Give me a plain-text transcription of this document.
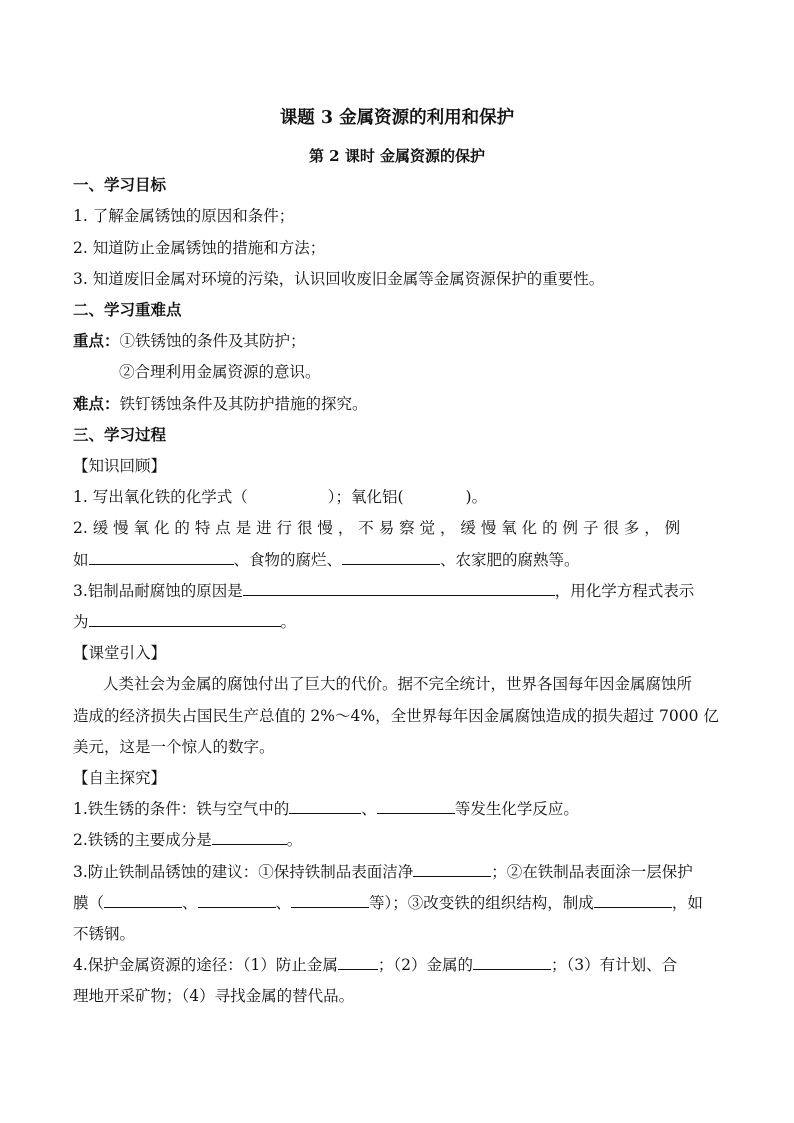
课题 3 金属资源的利用和保护
第 2 课时 金属资源的保护
一、学习目标
1. 了解金属锈蚀的原因和条件；
2. 知道防止金属锈蚀的措施和方法；
3. 知道废旧金属对环境的污染，认识回收废旧金属等金属资源保护的重要性。
二、学习重难点
重点：①铁锈蚀的条件及其防护；
②合理利用金属资源的意识。
难点：铁钉锈蚀条件及其防护措施的探究。
三、学习过程
【知识回顾】
1. 写出氧化铁的化学式（	）；氧化铝(	)。
2. 缓 慢 氧 化 的 特 点 是 进 行 很 慢 ， 不 易 察 觉 ， 缓 慢 氧 化 的 例 子 很 多 ， 例
如	、食物的腐烂、	、农家肥的腐熟等。
3.铝制品耐腐蚀的原因是	，用化学方程式表示
为	。
【课堂引入】
人类社会为金属的腐蚀付出了巨大的代价。据不完全统计，世界各国每年因金属腐蚀所
造成的经济损失占国民生产总值的 2%～4%，全世界每年因金属腐蚀造成的损失超过 7000 亿
美元，这是一个惊人的数字。
【自主探究】
1.铁生锈的条件：铁与空气中的	、	等发生化学反应。
2.铁锈的主要成分是	。
3.防止铁制品锈蚀的建议：①保持铁制品表面洁净	；②在铁制品表面涂一层保护
膜（	、	、	等）；③改变铁的组织结构，制成	，如
不锈钢。
4.保护金属资源的途径：（1）防止金属	；（2）金属的	；（3）有计划、合
理地开采矿物；（4）寻找金属的替代品。
